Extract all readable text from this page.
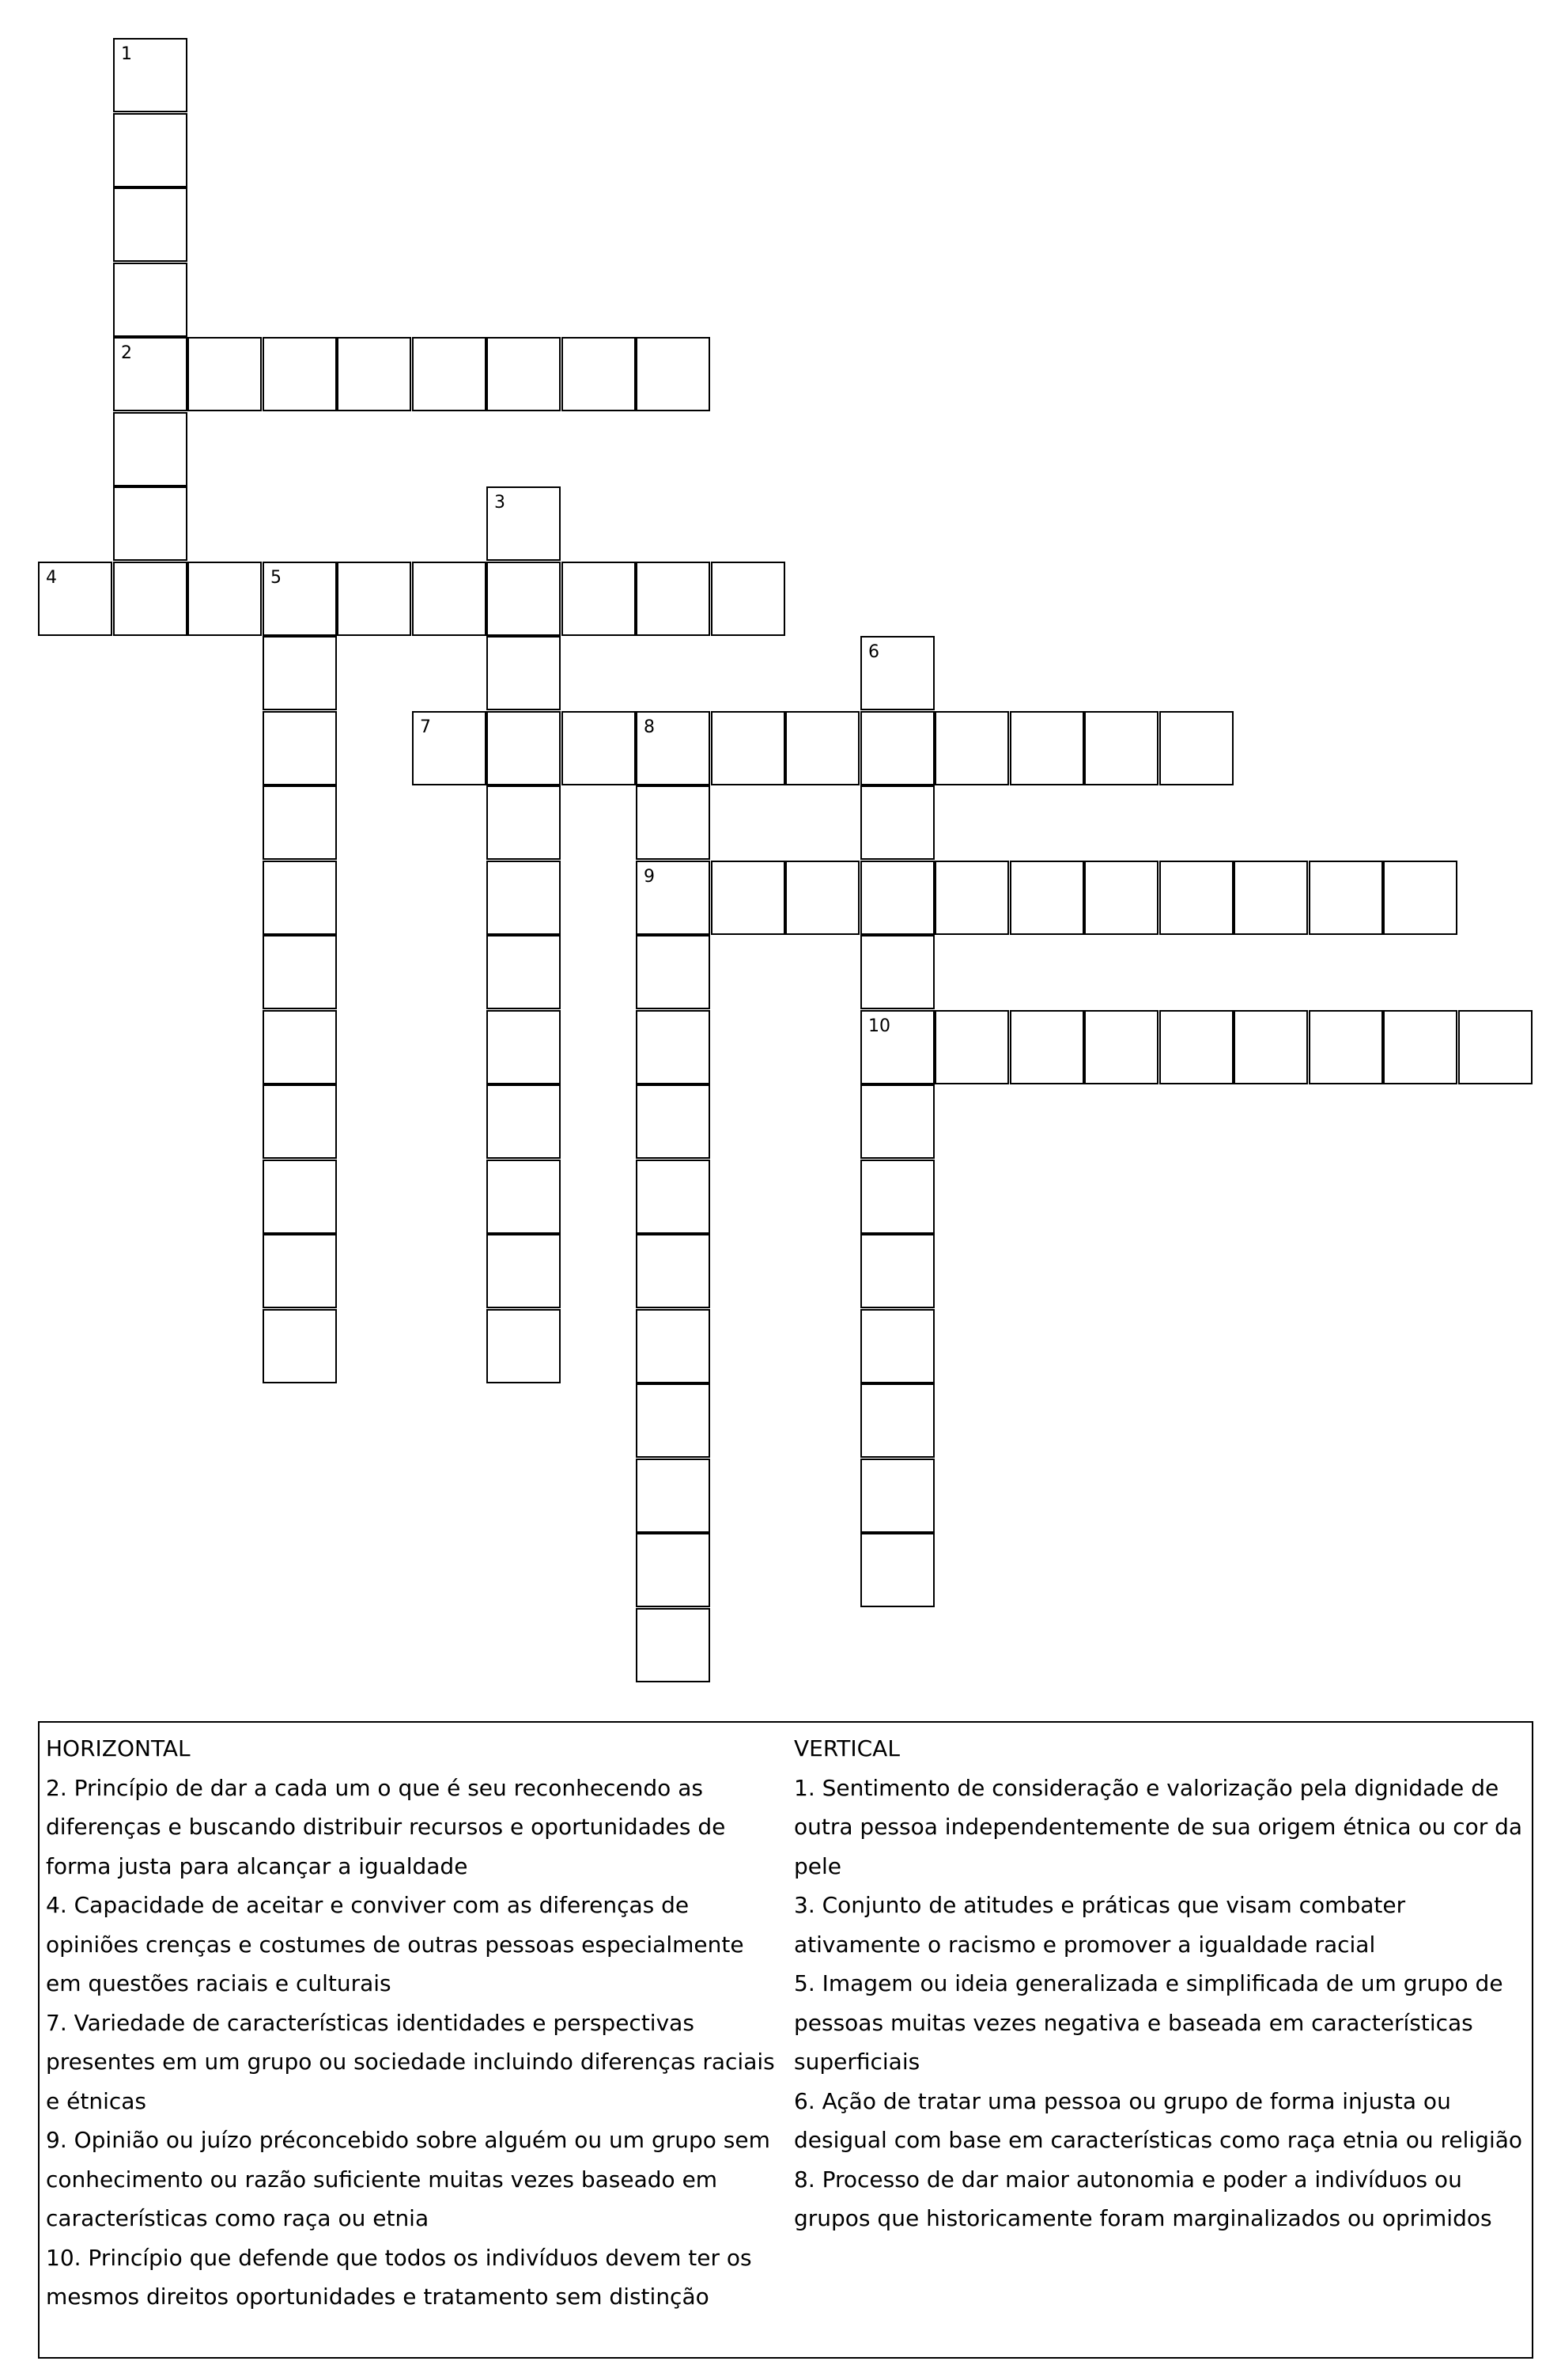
1
2
3
4	5
6
10
7	8
9
HORIZONTAL
2. Princípio de dar a cada um o que é seu reconhecendo as diferenças e buscando distribuir recursos e oportunidades de forma justa para alcançar a igualdade
4. Capacidade de aceitar e conviver com as diferenças de opiniões crenças e costumes de outras pessoas especialmente em questões raciais e culturais
7. Variedade de características identidades e perspectivas presentes em um grupo ou sociedade incluindo diferenças raciais e étnicas
9. Opinião ou juízo préconcebido sobre alguém ou um grupo sem conhecimento ou razão suficiente muitas vezes baseado em características como raça ou etnia
10. Princípio que defende que todos os indivíduos devem ter os mesmos direitos oportunidades e tratamento sem distinção
VERTICAL
1. Sentimento de consideração e valorização pela dignidade de outra pessoa independentemente de sua origem étnica ou cor da pele
3. Conjunto de atitudes e práticas que visam combater ativamente o racismo e promover a igualdade racial
5. Imagem ou ideia generalizada e simplificada de um grupo de pessoas muitas vezes negativa e baseada em características superficiais
6. Ação de tratar uma pessoa ou grupo de forma injusta ou desigual com base em características como raça etnia ou religião
8. Processo de dar maior autonomia e poder a indivíduos ou grupos que historicamente foram marginalizados ou oprimidos
